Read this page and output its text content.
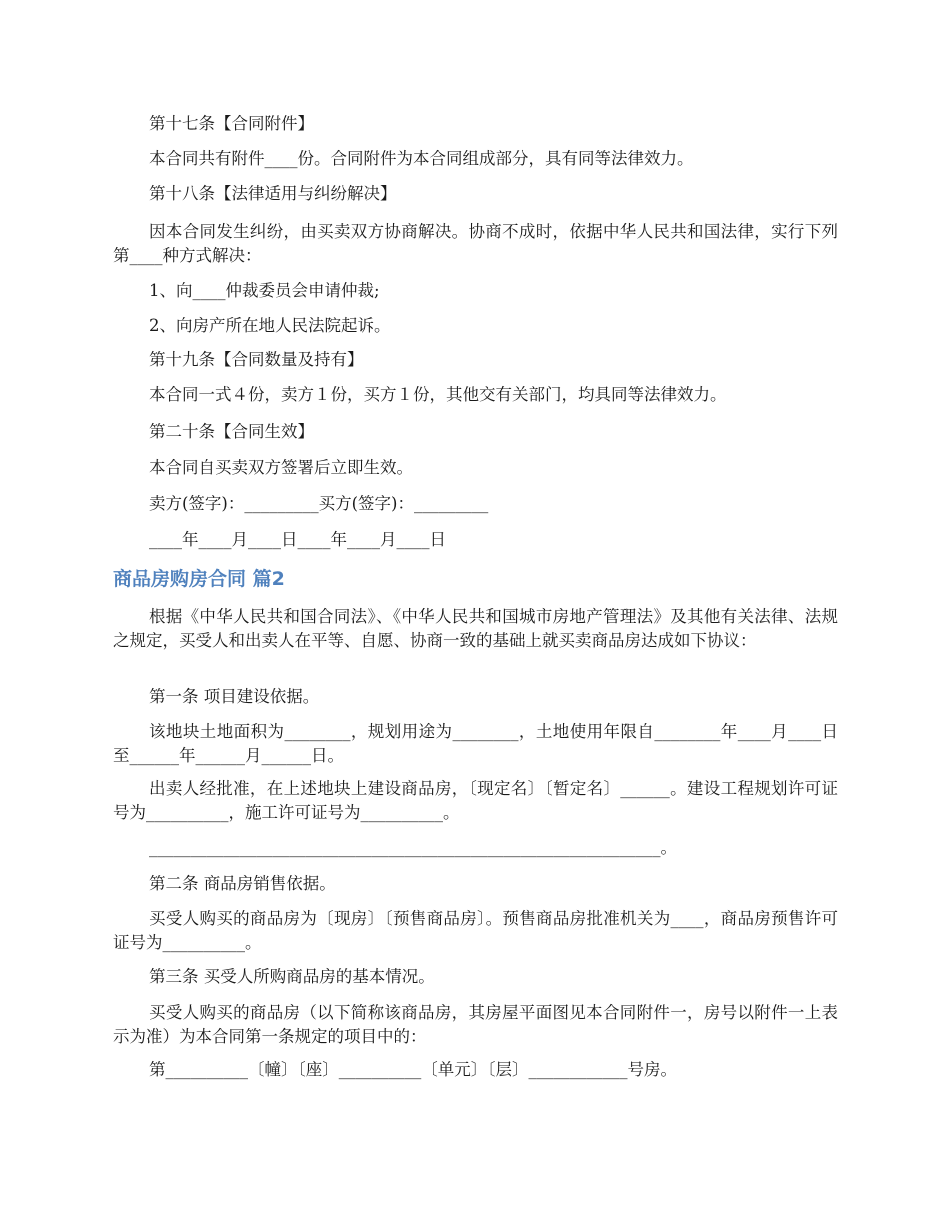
第十七条【合同附件】

本合同共有附件____份。合同附件为本合同组成部分，具有同等法律效力。

第十八条【法律适用与纠纷解决】

因本合同发生纠纷，由买卖双方协商解决。协商不成时，依据中华人民共和国法律，实行下列第____种方式解决：

1、向____仲裁委员会申请仲裁;

2、向房产所在地人民法院起诉。

第十九条【合同数量及持有】

本合同一式４份，卖方１份，买方１份，其他交有关部门，均具同等法律效力。

第二十条【合同生效】

本合同自买卖双方签署后立即生效。

卖方(签字)：_________买方(签字)：_________

____年____月____日____年____月____日

商品房购房合同 篇2

根据《中华人民共和国合同法》、《中华人民共和国城市房地产管理法》及其他有关法律、法规之规定，买受人和出卖人在平等、自愿、协商一致的基础上就买卖商品房达成如下协议：

第一条 项目建设依据。

该地块土地面积为________，规划用途为________，土地使用年限自________年____月____日至______年______月______日。

出卖人经批准，在上述地块上建设商品房，〔现定名〕〔暂定名〕______。建设工程规划许可证号为__________，施工许可证号为__________。

______________________________________________________________。

第二条 商品房销售依据。

买受人购买的商品房为〔现房〕〔预售商品房〕。预售商品房批准机关为____，商品房预售许可证号为__________。

第三条 买受人所购商品房的基本情况。

买受人购买的商品房（以下简称该商品房，其房屋平面图见本合同附件一，房号以附件一上表示为准）为本合同第一条规定的项目中的：

第__________〔幢〕〔座〕__________〔单元〕〔层〕____________号房。
